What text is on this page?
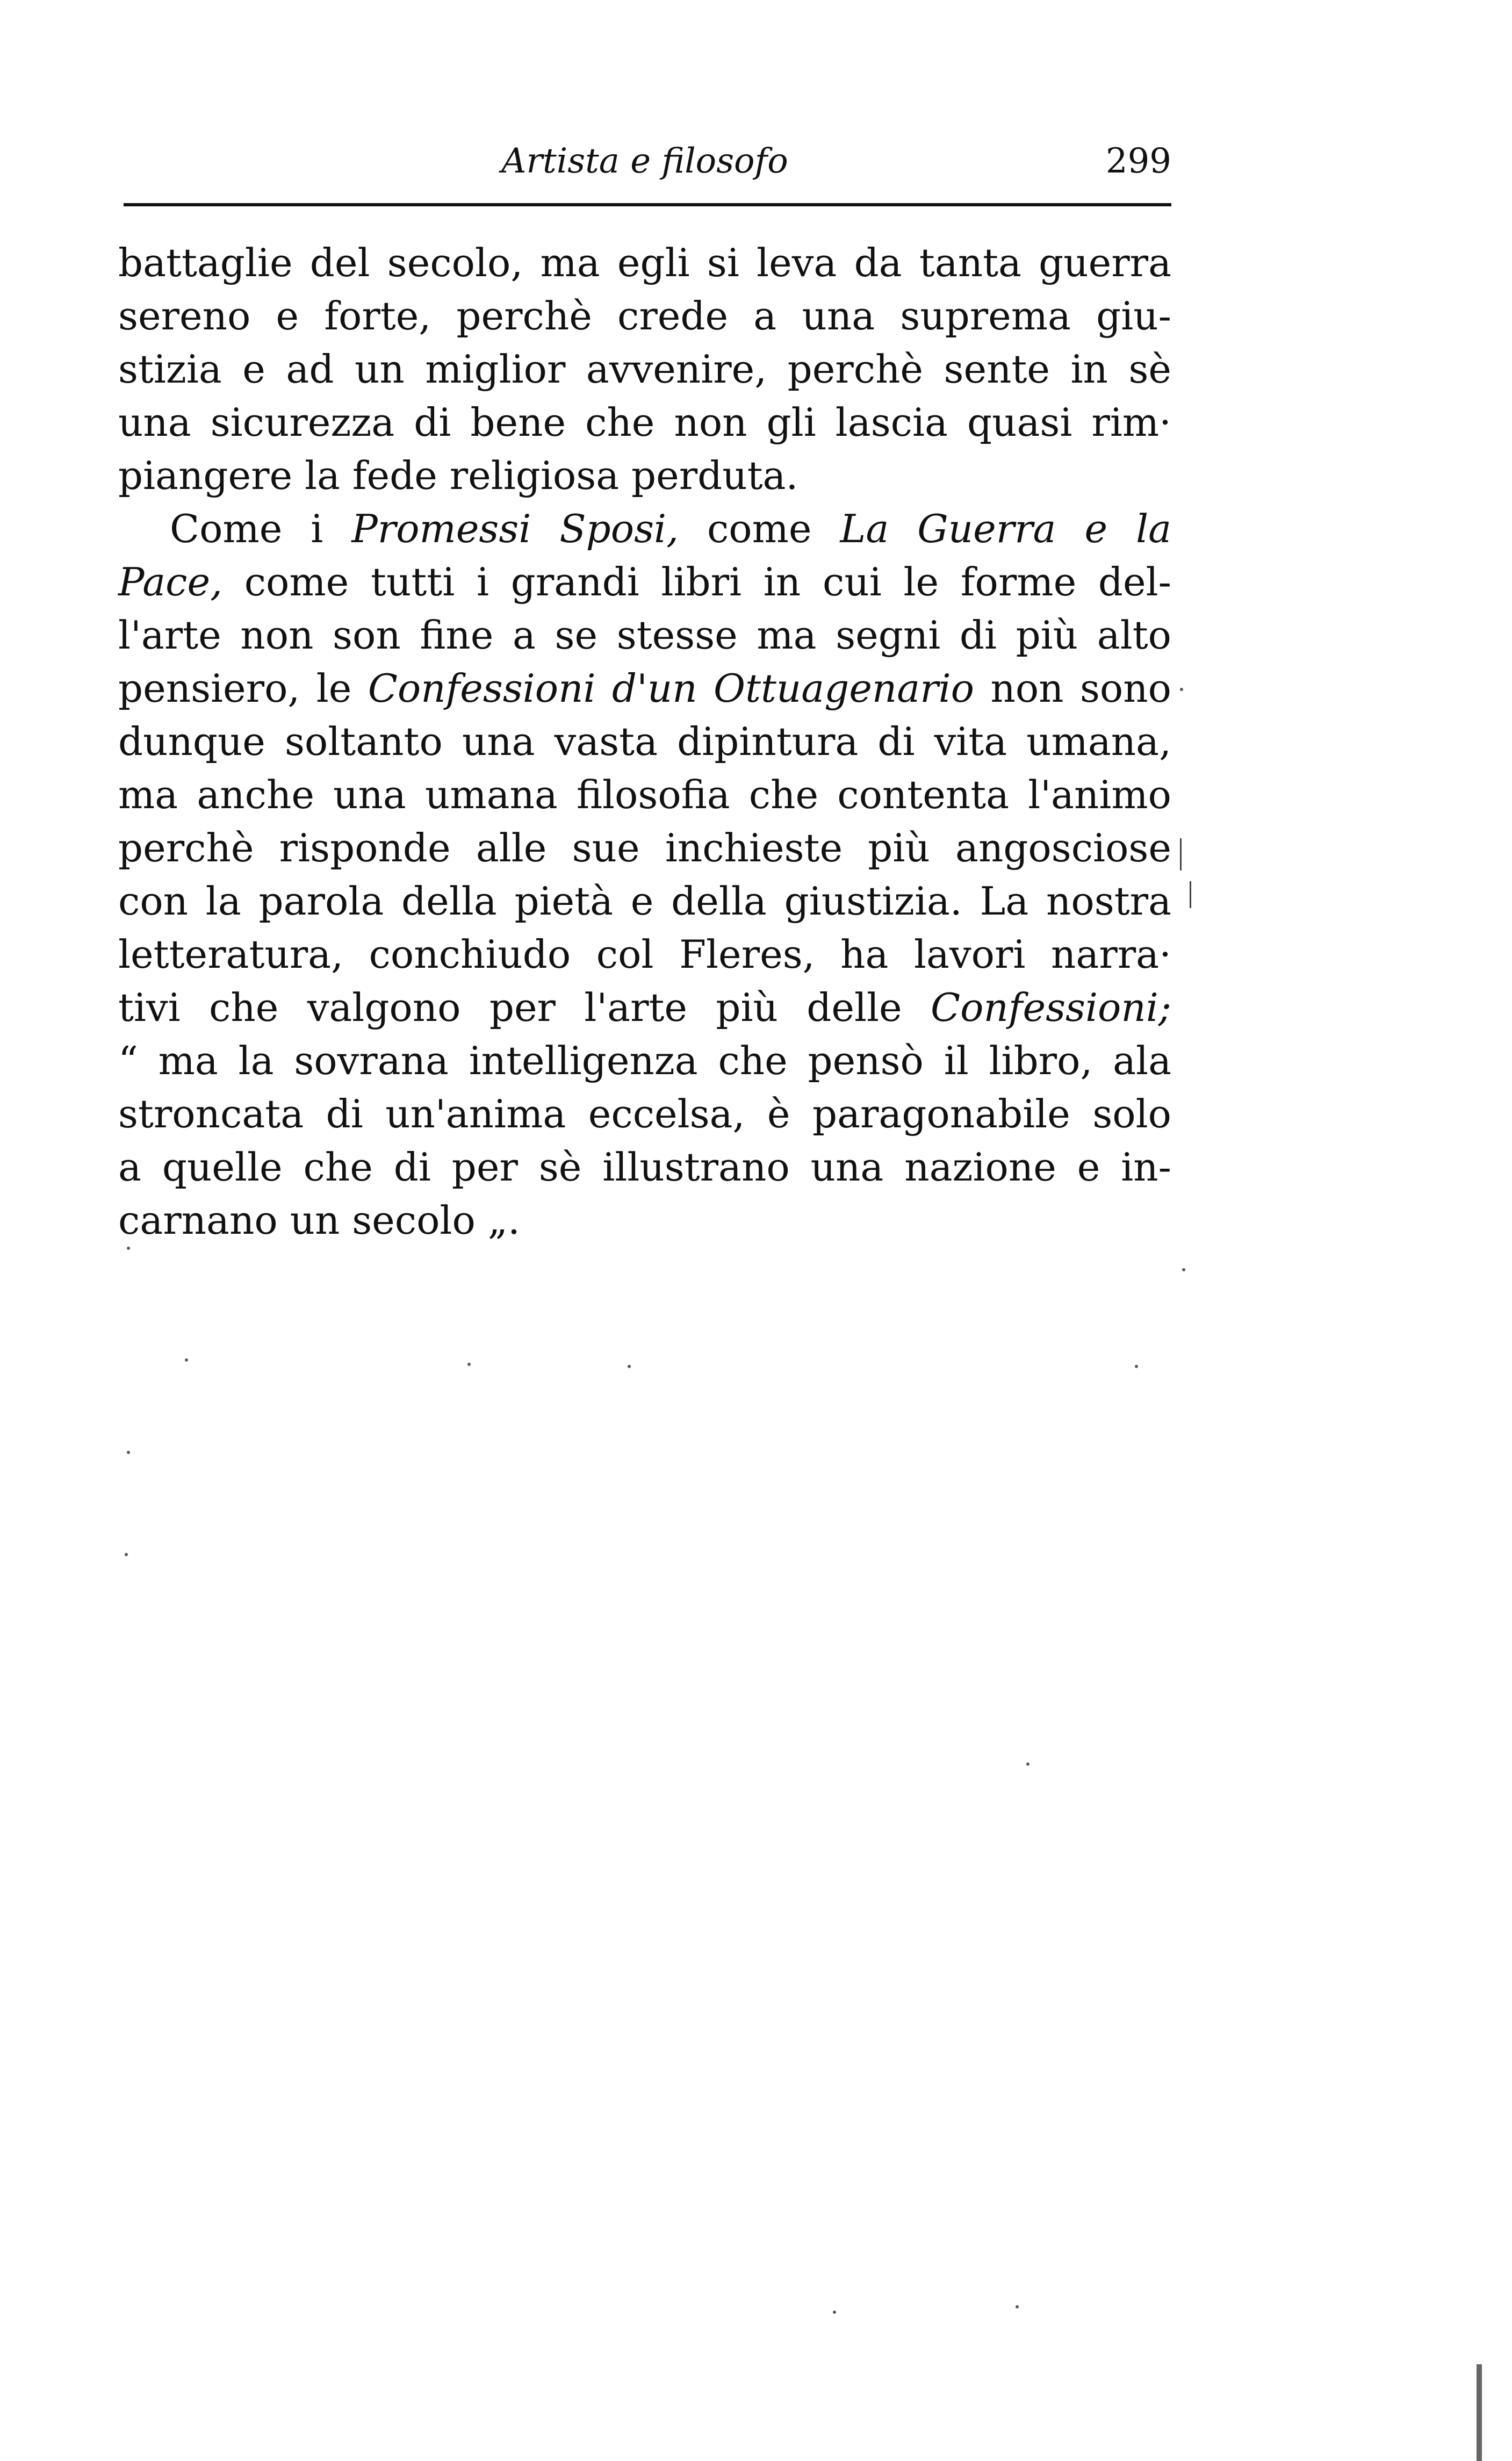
Artista e filosofo	299
battaglie del secolo, ma egli si leva da tanta guerra
sereno e forte, perchè crede a una suprema giu-
stizia e ad un miglior avvenire, perchè sente in sè
una sicurezza di bene che non gli lascia quasi rim·
piangere la fede religiosa perduta.
Come i Promessi Sposi, come La Guerra e la
Pace, come tutti i grandi libri in cui le forme del-
l'arte non son fine a se stesse ma segni di più alto
pensiero, le Confessioni d'un Ottuagenario non sono
dunque soltanto una vasta dipintura di vita umana,
ma anche una umana filosofia che contenta l'animo
perchè risponde alle sue inchieste più angosciose
con la parola della pietà e della giustizia. La nostra
letteratura, conchiudo col Fleres, ha lavori narra·
tivi che valgono per l'arte più delle Confessioni;
“ ma la sovrana intelligenza che pensò il libro, ala
stroncata di un'anima eccelsa, è paragonabile solo
a quelle che di per sè illustrano una nazione e in-
carnano un secolo „.
